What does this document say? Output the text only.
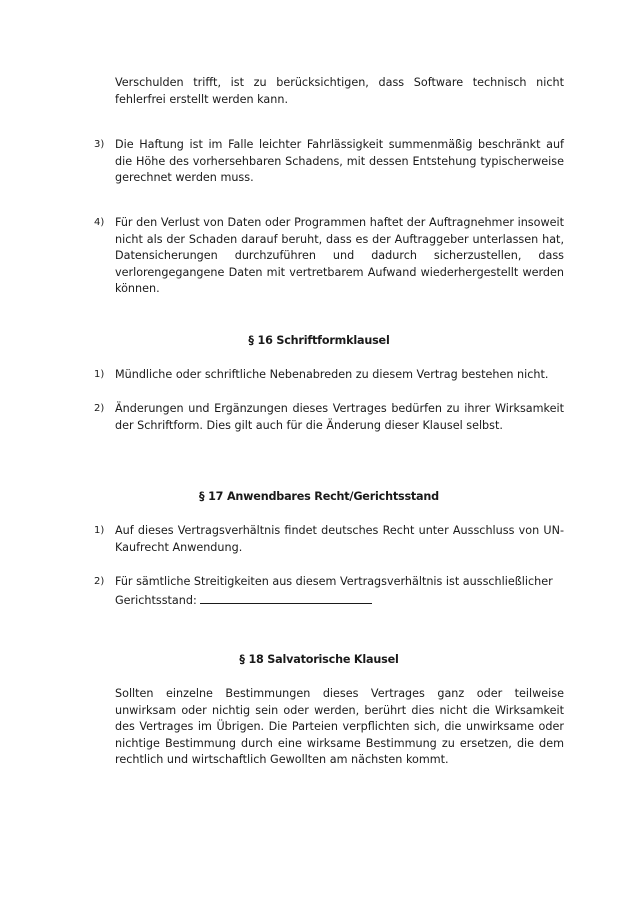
Verschulden trifft, ist zu berücksichtigen, dass Software technisch nicht fehlerfrei erstellt werden kann.

3) Die Haftung ist im Falle leichter Fahrlässigkeit summenmäßig beschränkt auf die Höhe des vorhersehbaren Schadens, mit dessen Entstehung typischerweise gerechnet werden muss.

4) Für den Verlust von Daten oder Programmen haftet der Auftragnehmer insoweit nicht als der Schaden darauf beruht, dass es der Auftraggeber unterlassen hat, Datensicherungen durchzuführen und dadurch sicherzustellen, dass verlorengegangene Daten mit vertretbarem Aufwand wiederhergestellt werden können.

§ 16 Schriftformklausel
1) Mündliche oder schriftliche Nebenabreden zu diesem Vertrag bestehen nicht.

2) Änderungen und Ergänzungen dieses Vertrages bedürfen zu ihrer Wirksamkeit der Schriftform. Dies gilt auch für die Änderung dieser Klausel selbst.

§ 17 Anwendbares Recht/Gerichtsstand
1) Auf dieses Vertragsverhältnis findet deutsches Recht unter Ausschluss von UN-Kaufrecht Anwendung.

2) Für sämtliche Streitigkeiten aus diesem Vertragsverhältnis ist ausschließlicher Gerichtsstand:

§ 18 Salvatorische Klausel

Sollten einzelne Bestimmungen dieses Vertrages ganz oder teilweise unwirksam oder nichtig sein oder werden, berührt dies nicht die Wirksamkeit des Vertrages im Übrigen. Die Parteien verpflichten sich, die unwirksame oder nichtige Bestimmung durch eine wirksame Bestimmung zu ersetzen, die dem rechtlich und wirtschaftlich Gewollten am nächsten kommt.
